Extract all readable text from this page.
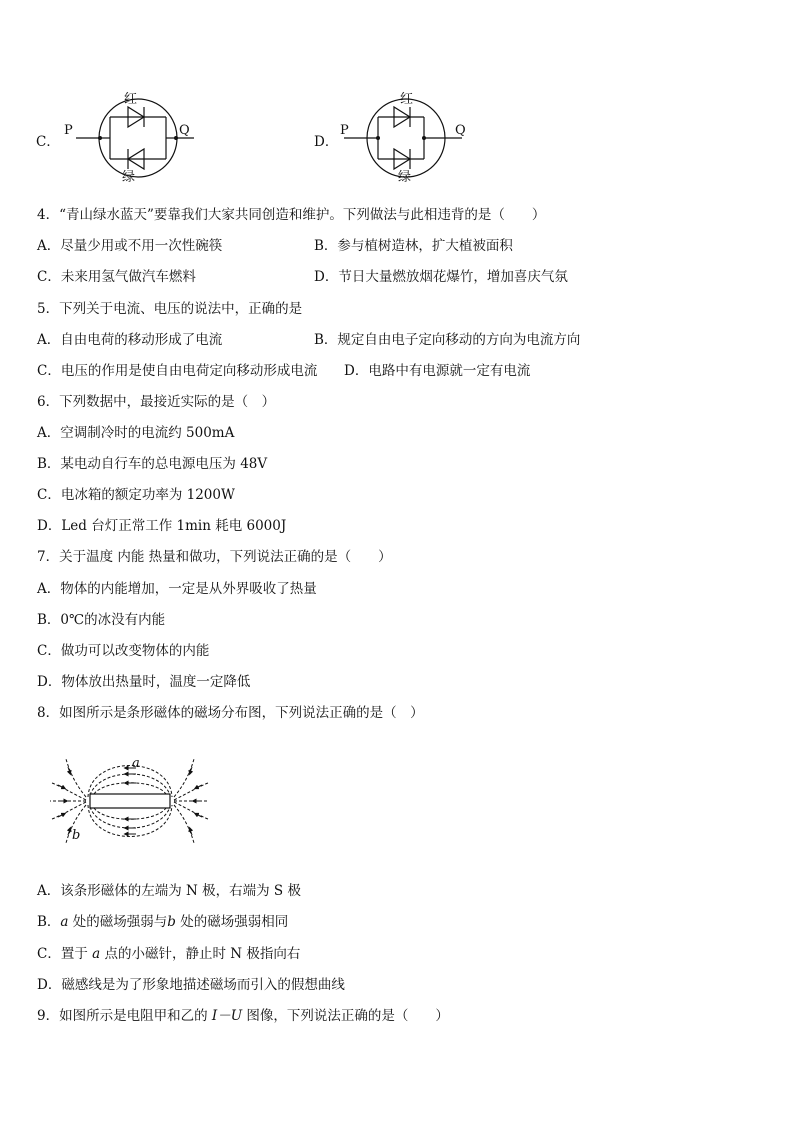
C．
P	Q
红
绿
D．
P	Q
红
绿
4．“青山绿水蓝天”要靠我们大家共同创造和维护。下列做法与此相违背的是（　　）
A．尽量少用或不用一次性碗筷	B．参与植树造林，扩大植被面积
C．未来用氢气做汽车燃料	D．节日大量燃放烟花爆竹，增加喜庆气氛
5．下列关于电流、电压的说法中，正确的是
A．自由电荷的移动形成了电流	B．规定自由电子定向移动的方向为电流方向
C．电压的作用是使自由电荷定向移动形成电流 D．电路中有电源就一定有电流
6．下列数据中，最接近实际的是（　）
A．空调制冷时的电流约 500mA
B．某电动自行车的总电源电压为 48V
C．电冰箱的额定功率为 1200W
D．Led 台灯正常工作 1min 耗电 6000J
7．关于温度 内能 热量和做功，下列说法正确的是（　　）
A．物体的内能增加，一定是从外界吸收了热量
B．0℃的冰没有内能
C．做功可以改变物体的内能
D．物体放出热量时，温度一定降低
8．如图所示是条形磁体的磁场分布图，下列说法正确的是（　）
a
b
A．该条形磁体的左端为 N 极，右端为 S 极
B．a 处的磁场强弱与b 处的磁场强弱相同
C．置于 a 点的小磁针，静止时 N 极指向右
D．磁感线是为了形象地描述磁场而引入的假想曲线
9．如图所示是电阻甲和乙的 I－U 图像，下列说法正确的是（　　）
